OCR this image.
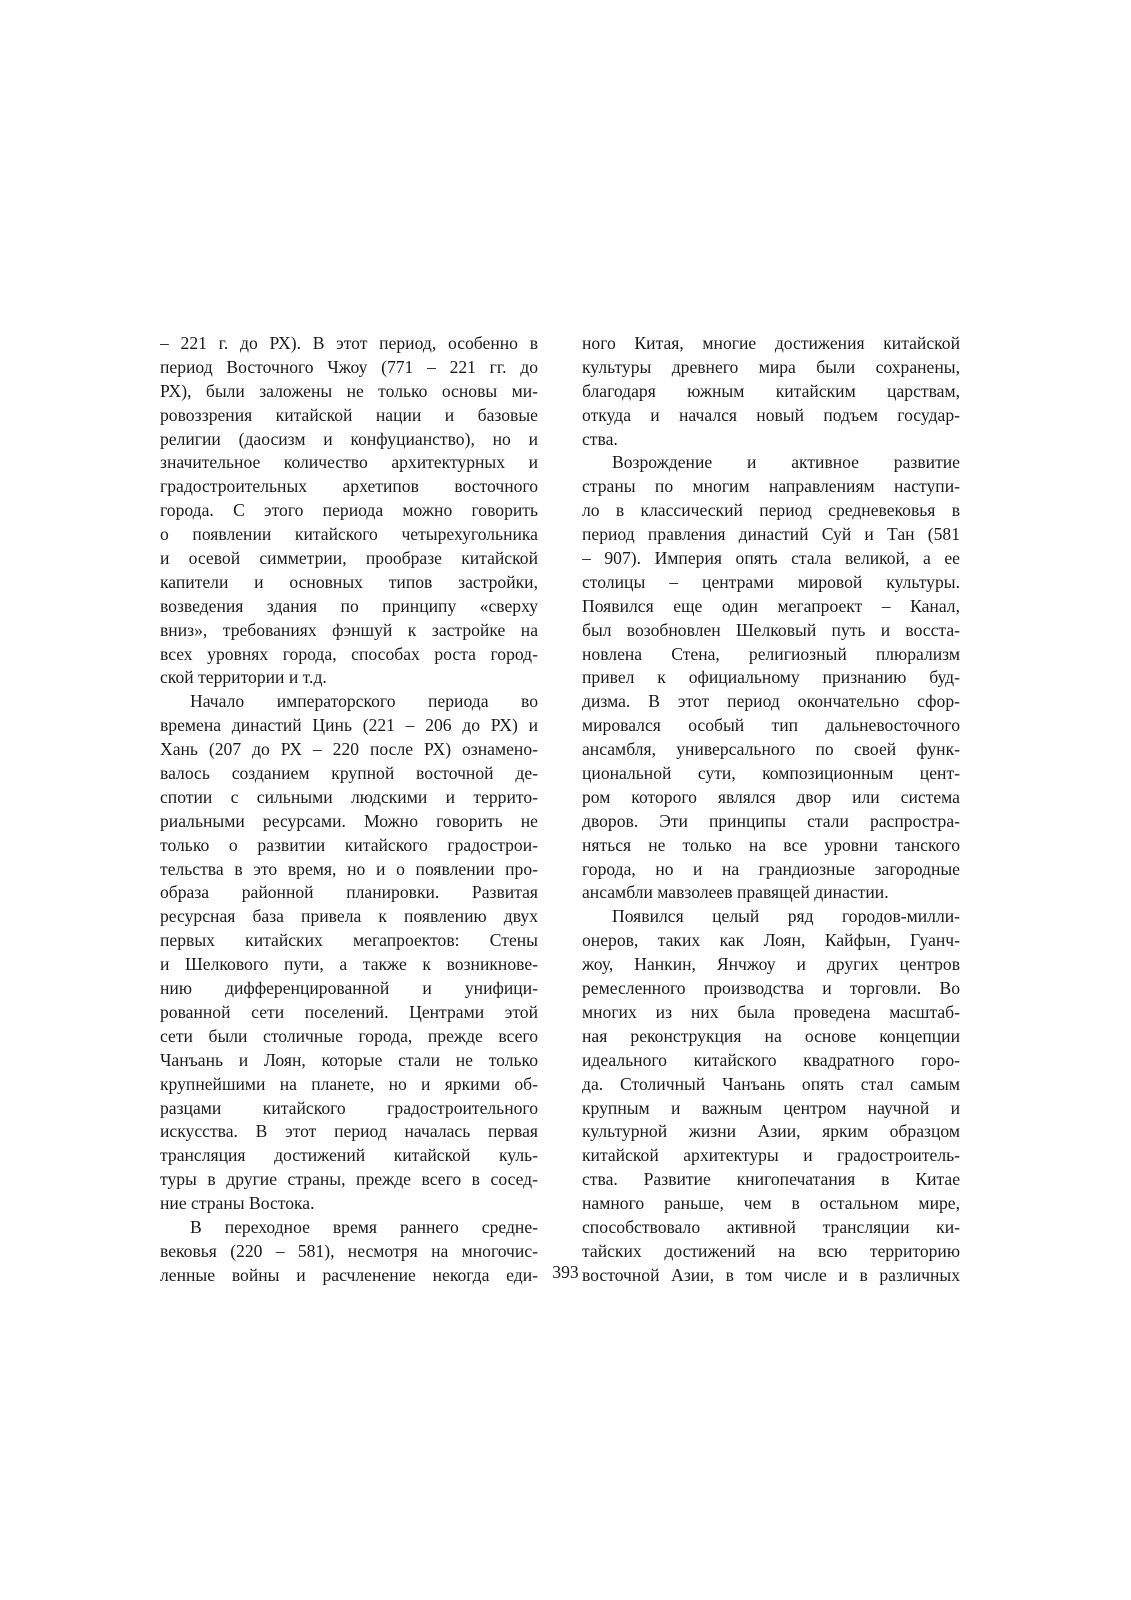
– 221 г. до РХ). В этот период, особенно в
период Восточного Чжоу (771 – 221 гг. до
РХ), были заложены не только основы ми-
ровоззрения китайской нации и базовые
религии (даосизм и конфуцианство), но и
значительное количество архитектурных и
градостроительных архетипов восточного
города. С этого периода можно говорить
о появлении китайского четырехугольника
и осевой симметрии, прообразе китайской
капители и основных типов застройки,
возведения здания по принципу «сверху
вниз», требованиях фэншуй к застройке на
всех уровнях города, способах роста город-
ской территории и т.д.
Начало императорского периода во
времена династий Цинь (221 – 206 до РХ) и
Хань (207 до РХ – 220 после РХ) ознаменo-
валось созданием крупной восточной де-
спотии с сильными людскими и террито-
риальными ресурсами. Можно говорить не
только о развитии китайского градострои-
тельства в это время, но и о появлении про-
образа районной планировки. Развитая
ресурсная база привела к появлению двух
первых китайских мегапроектов: Стены
и Шелкового пути, а также к возникнове-
нию дифференцированной и унифици-
рованной сети поселений. Центрами этой
сети были столичные города, прежде всего
Чанъань и Лоян, которые стали не только
крупнейшими на планете, но и яркими об-
разцами китайского градостроительного
искусства. В этот период началась первая
трансляция достижений китайской куль-
туры в другие страны, прежде всего в сосед-
ние страны Востока.
В переходное время раннего средне-
вековья (220 – 581), несмотря на многочис-
ленные войны и расчленение некогда еди-
ного Китая, многие достижения китайской
культуры древнего мира были сохранены,
благодаря южным китайским царствам,
откуда и начался новый подъем государ-
ства.
Возрождение и активное развитие
страны по многим направлениям наступи-
ло в классический период средневековья в
период правления династий Суй и Тан (581
– 907). Империя опять стала великой, а ее
столицы – центрами мировой культуры.
Появился еще один мегапроект – Канал,
был возобновлен Шелковый путь и восста-
новлена Стена, религиозный плюрализм
привел к официальному признанию буд-
дизма. В этот период окончательно сфор-
мировался особый тип дальневосточного
ансамбля, универсального по своей функ-
циональной сути, композиционным цент-
ром которого являлся двор или система
дворов. Эти принципы стали распростра-
няться не только на все уровни танского
города, но и на грандиозные загородные
ансамбли мавзолеев правящей династии.
Появился целый ряд городов-милли-
онеров, таких как Лоян, Кайфын, Гуанч-
жоу, Нанкин, Янчжоу и других центров
ремесленного производства и торговли. Во
многих из них была проведена масштаб-
ная реконструкция на основе концепции
идеального китайского квадратного горо-
да. Столичный Чанъань опять стал самым
крупным и важным центром научной и
культурной жизни Азии, ярким образцом
китайской архитектуры и градостроитель-
ства. Развитие книгопечатания в Китае
намного раньше, чем в остальном мире,
способствовало активной трансляции ки-
тайских достижений на всю территорию
восточной Азии, в том числе и в различных
393
